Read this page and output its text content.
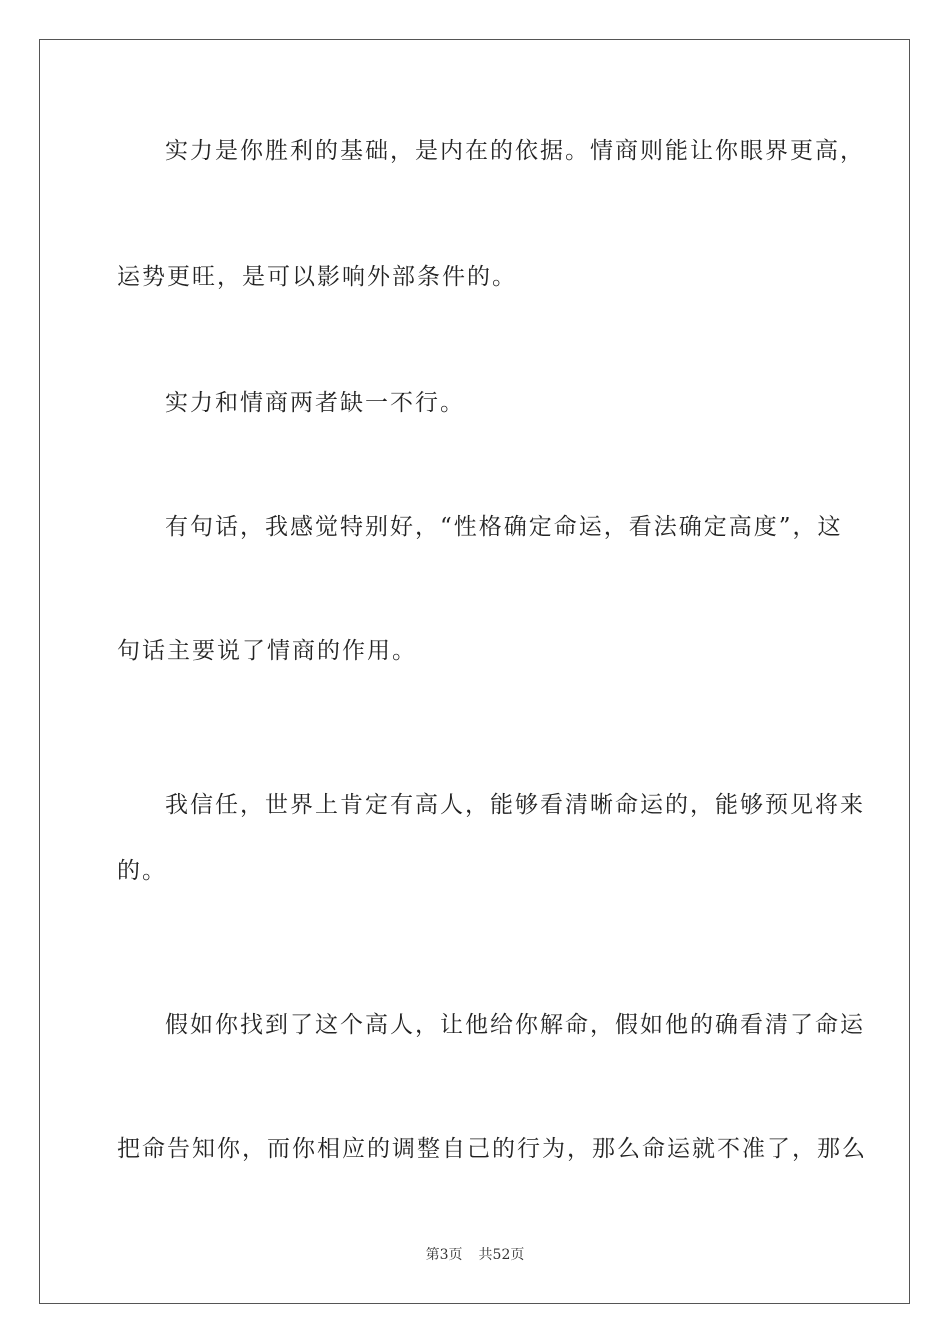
实力是你胜利的基础，是内在的依据。情商则能让你眼界更高，
运势更旺，是可以影响外部条件的。
实力和情商两者缺一不行。
有句话，我感觉特别好，“性格确定命运，看法确定高度”，这
句话主要说了情商的作用。
我信任，世界上肯定有高人，能够看清晰命运的，能够预见将来
的。
假如你找到了这个高人，让他给你解命，假如他的确看清了命运
把命告知你，而你相应的调整自己的行为，那么命运就不准了，那么
第3页 共52页
